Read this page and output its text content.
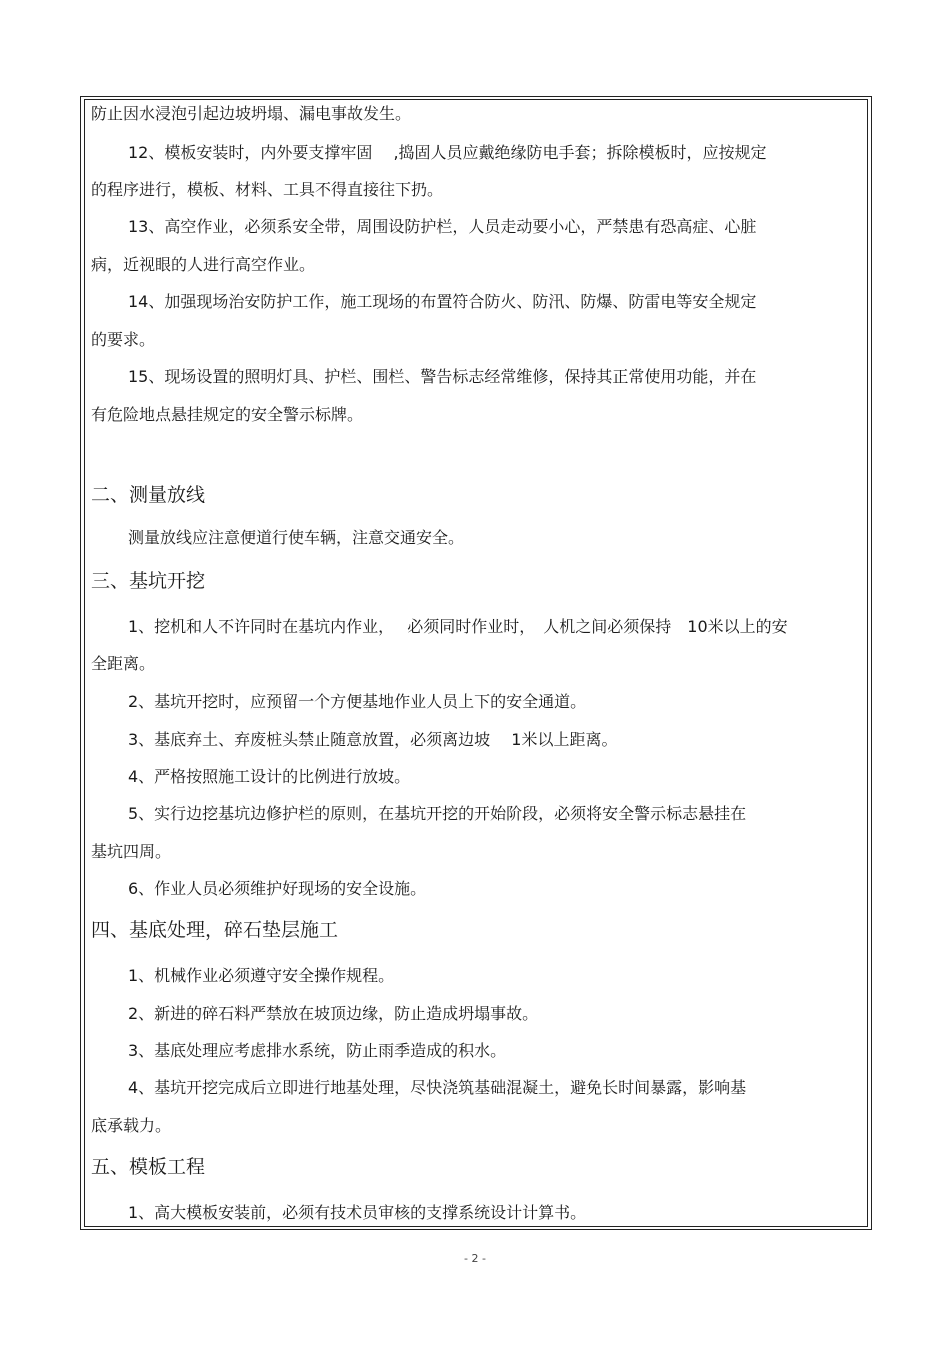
防止因水浸泡引起边坡坍塌、漏电事故发生。
12、模板安装时，内外要支撑牢固　 ,捣固人员应戴绝缘防电手套；拆除模板时，应按规定
的程序进行，模板、材料、工具不得直接往下扔。
13、高空作业，必须系安全带，周围设防护栏，人员走动要小心，严禁患有恐高症、心脏
病，近视眼的人进行高空作业。
14、加强现场治安防护工作，施工现场的布置符合防火、防汛、防爆、防雷电等安全规定
的要求。
15、现场设置的照明灯具、护栏、围栏、警告标志经常维修，保持其正常使用功能，并在
有危险地点悬挂规定的安全警示标牌。
二、测量放线
测量放线应注意便道行使车辆，注意交通安全。
三、基坑开挖
1、挖机和人不许同时在基坑内作业，　 必须同时作业时，　人机之间必须保持　10米以上的安
全距离。
2、基坑开挖时，应预留一个方便基地作业人员上下的安全通道。
3、基底弃土、弃废桩头禁止随意放置，必须离边坡　 1米以上距离。
4、严格按照施工设计的比例进行放坡。
5、实行边挖基坑边修护栏的原则，在基坑开挖的开始阶段，必须将安全警示标志悬挂在
基坑四周。
6、作业人员必须维护好现场的安全设施。
四、基底处理，碎石垫层施工
1、机械作业必须遵守安全操作规程。
2、新进的碎石料严禁放在坡顶边缘，防止造成坍塌事故。
3、基底处理应考虑排水系统，防止雨季造成的积水。
4、基坑开挖完成后立即进行地基处理，尽快浇筑基础混凝土，避免长时间暴露，影响基
底承载力。
五、模板工程
1、高大模板安装前，必须有技术员审核的支撑系统设计计算书。
- 2 -
